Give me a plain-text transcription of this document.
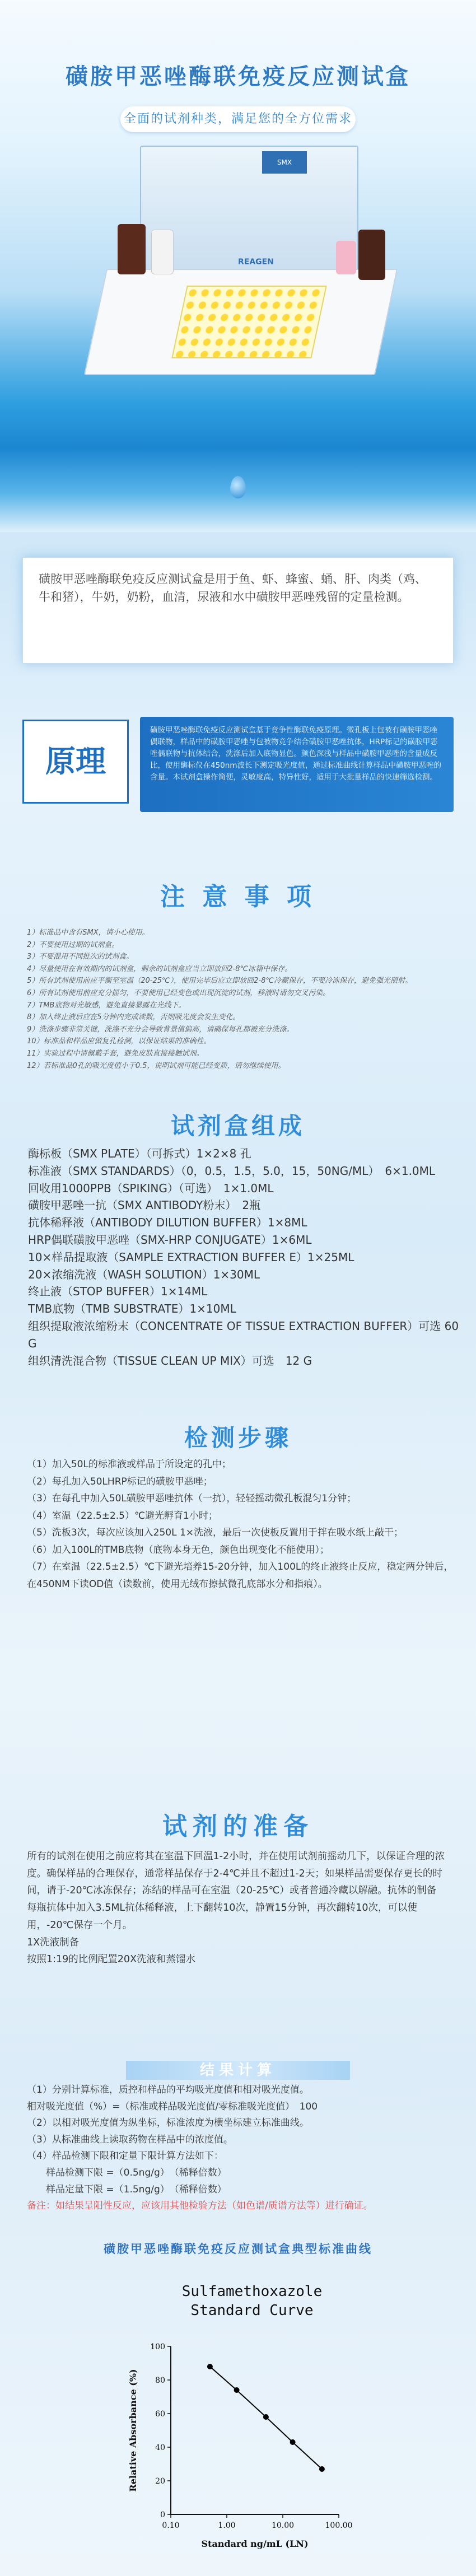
磺胺甲恶唑酶联免疫反应测试盒
全面的试剂种类，满足您的全方位需求
SMX
REAGEN
磺胺甲恶唑酶联免疫反应测试盒是用于鱼、虾、蜂蜜、蛹、肝、肉类（鸡、牛和猪），牛奶，奶粉，血清，尿液和水中磺胺甲恶唑残留的定量检测。
原理
磺胺甲恶唑酶联免疫反应测试盒基于竞争性酶联免疫原理。微孔板上包被有磺胺甲恶唑偶联物，样品中的磺胺甲恶唑与包被物竞争结合磺胺甲恶唑抗体，HRP标记的磺胺甲恶唑偶联物与抗体结合，洗涤后加入底物显色。颜色深浅与样品中磺胺甲恶唑的含量成反比，使用酶标仪在450nm波长下测定吸光度值，通过标准曲线计算样品中磺胺甲恶唑的含量。本试剂盒操作简便，灵敏度高，特异性好，适用于大批量样品的快速筛选检测。
注 意 事 项
1）标准品中含有SMX，请小心使用。
2）不要使用过期的试剂盒。
3）不要混用不同批次的试剂盒。
4）尽量使用在有效期内的试剂盒，剩余的试剂盒应当立即放回2-8℃冰箱中保存。
5）所有试剂使用前应平衡至室温（20-25℃），使用完毕后应立即放回2-8℃冷藏保存，不要冷冻保存，避免强光照射。
6）所有试剂使用前应充分摇匀，不要使用已经变色或出现沉淀的试剂，移液时请勿交叉污染。
7）TMB底物对光敏感，避免直接暴露在光线下。
8）加入终止液后应在5分钟内完成读数，否则吸光度会发生变化。
9）洗涤步骤非常关键，洗涤不充分会导致背景值偏高，请确保每孔都被充分洗涤。
10）标准品和样品应做复孔检测，以保证结果的准确性。
11）实验过程中请佩戴手套，避免皮肤直接接触试剂。
12）若标准品0孔的吸光度值小于0.5，说明试剂可能已经变质，请勿继续使用。
试剂盒组成
酶标板（SMX PLATE）（可拆式）1×2×8 孔
标准液（SMX STANDARDS）（0，0.5，1.5，5.0，15，50NG/ML）　6×1.0ML
回收用1000PPB（SPIKING）（可选）　1×1.0ML
磺胺甲恶唑一抗（SMX ANTIBODY粉末）　2瓶
抗体稀释液（ANTIBODY DILUTION BUFFER）1×8ML
HRP偶联磺胺甲恶唑（SMX-HRP CONJUGATE）1×6ML
10×样品提取液（SAMPLE EXTRACTION BUFFER E）1×25ML
20×浓缩洗液（WASH SOLUTION）1×30ML
终止液（STOP BUFFER）1×14ML
TMB底物（TMB SUBSTRATE）1×10ML
组织提取液浓缩粉末（CONCENTRATE OF TISSUE EXTRACTION BUFFER）可选 60 G
组织清洗混合物（TISSUE CLEAN UP MIX）可选　12 G
检测步骤
（1）加入50L的标准液或样品于所设定的孔中；
（2）每孔加入50LHRP标记的磺胺甲恶唑；
（3）在每孔中加入50L磺胺甲恶唑抗体（一抗），轻轻摇动微孔板混匀1分钟；
（4）室温（22.5±2.5）℃避光孵育1小时；
（5）洗板3次，每次应该加入250L 1×洗液，最后一次使板反置用于拌在吸水纸上敲干；
（6）加入100L的TMB底物（底物本身无色，颜色出现变化不能使用）；
（7）在室温（22.5±2.5）℃下避光培养15-20分钟，加入100L的终止液终止反应，稳定两分钟后，在450NM下读OD值（读数前，使用无绒布擦拭微孔底部水分和指痕）。
试剂的准备
所有的试剂在使用之前应将其在室温下回温1-2小时，并在使用试剂前摇动几下，以保证合理的浓度。确保样品的合理保存，通常样品保存于2-4℃并且不超过1-2天；如果样品需要保存更长的时间，请于-20℃冰冻保存；冻结的样品可在室温（20-25℃）或者普通冷藏以解融。抗体的制备
每瓶抗体中加入3.5ML抗体稀释液，上下翻转10次，静置15分钟，再次翻转10次，可以使用，-20℃保存一个月。
1X洗液制备
按照1:19的比例配置20X洗液和蒸馏水
结果计算
（1）分别计算标准，质控和样品的平均吸光度值和相对吸光度值。
相对吸光度值（%）=（标准或样品吸光度值/零标准吸光度值）　100
（2）以相对吸光度值为纵坐标，标准浓度为横坐标建立标准曲线。
（3）从标准曲线上读取药物在样品中的浓度值。
（4）样品检测下限和定量下限计算方法如下：
　　样品检测下限 =（0.5ng/g）　（稀释倍数）
　　样品定量下限 =（1.5ng/g）　（稀释倍数）
备注：如结果呈阳性反应，应该用其他检验方法（如色谱/质谱方法等）进行确证。
磺胺甲恶唑酶联免疫反应测试盒典型标准曲线
Sulfamethoxazole
Standard Curve
0
20
40
60
80
100
0.10	1.00	10.00	100.00
Standard ng/mL (LN)
Relative Absorbance (%)
